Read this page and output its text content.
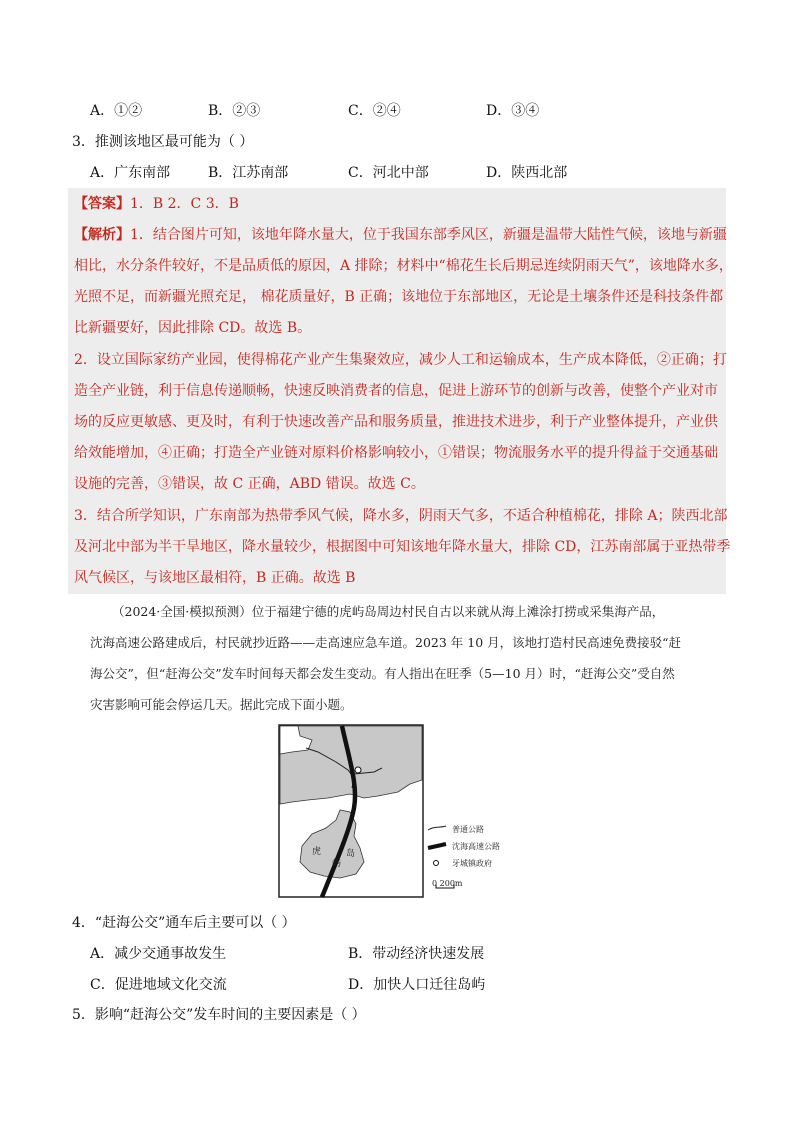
A．①②	B．②③	C．②④	D．③④
3．推测该地区最可能为（ ）
A．广东南部	B．江苏南部	C．河北中部	D．陕西北部
【答案】1．B 2．C 3．B
【解析】1．结合图片可知，该地年降水量大，位于我国东部季风区，新疆是温带大陆性气候，该地与新疆
相比，水分条件较好，不是品质低的原因，A 排除；材料中“棉花生长后期忌连续阴雨天气”，该地降水多，
光照不足，而新疆光照充足， 棉花质量好，B 正确；该地位于东部地区，无论是土壤条件还是科技条件都
比新疆要好，因此排除 CD。故选 B。
2．设立国际家纺产业园，使得棉花产业产生集聚效应，减少人工和运输成本，生产成本降低，②正确；打
造全产业链，利于信息传递顺畅，快速反映消费者的信息，促进上游环节的创新与改善，使整个产业对市
场的反应更敏感、更及时，有利于快速改善产品和服务质量，推进技术进步，利于产业整体提升，产业供
给效能增加，④正确；打造全产业链对原料价格影响较小，①错误；物流服务水平的提升得益于交通基础
设施的完善，③错误，故 C 正确，ABD 错误。故选 C。
3．结合所学知识，广东南部为热带季风气候，降水多，阴雨天气多，不适合种植棉花，排除 A；陕西北部
及河北中部为半干旱地区，降水量较少，根据图中可知该地年降水量大，排除 CD，江苏南部属于亚热带季
风气候区，与该地区最相符，B 正确。故选 B
（2024·全国·模拟预测）位于福建宁德的虎屿岛周边村民自古以来就从海上滩涂打捞或采集海产品，
沈海高速公路建成后，村民就抄近路——走高速应急车道。2023 年 10 月，该地打造村民高速免费接驳“赶
海公交”，但“赶海公交”发车时间每天都会发生变动。有人指出在旺季（5—10 月）时，“赶海公交”受自然
灾害影响可能会停运几天。据此完成下面小题。
虎
屿
岛
普通公路
沈海高速公路
牙城镇政府
0 200m
4．“赶海公交”通车后主要可以（ ）
A．减少交通事故发生	B．带动经济快速发展
C．促进地域文化交流	D．加快人口迁往岛屿
5．影响“赶海公交”发车时间的主要因素是（ ）
